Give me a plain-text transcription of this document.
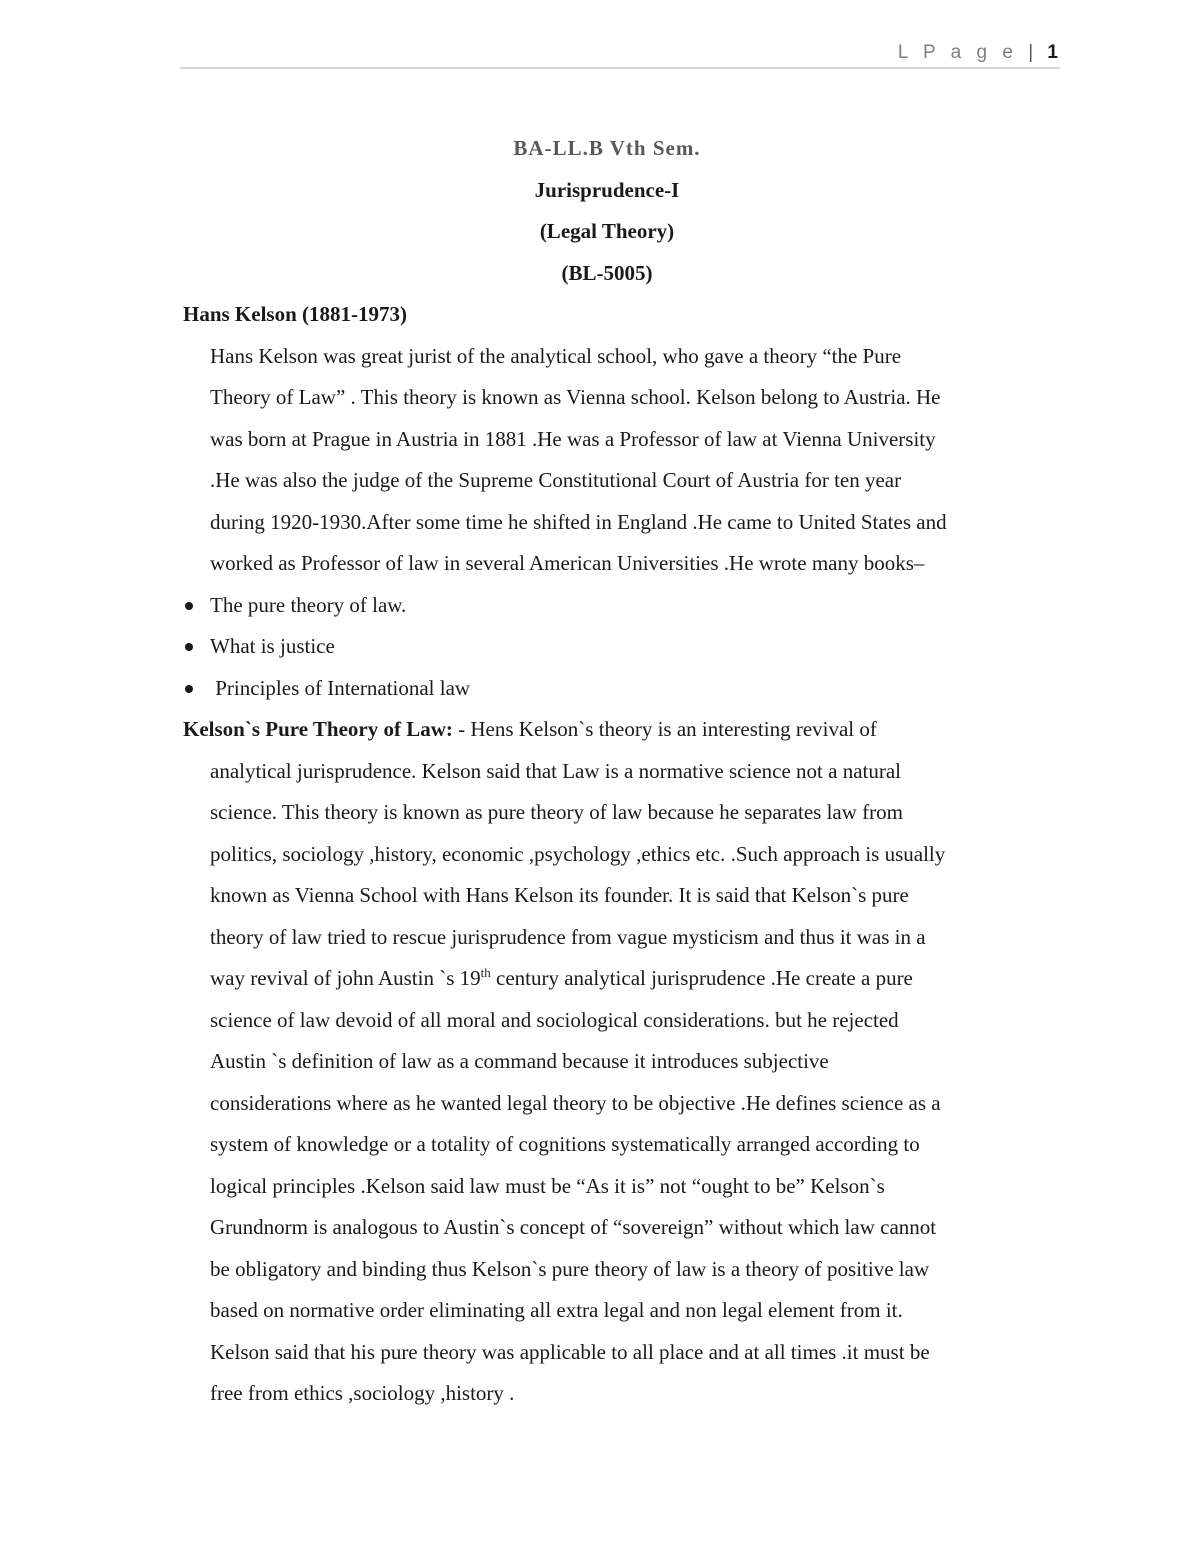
L P a g e | 1
BA-LL.B Vth Sem.
Jurisprudence-I
(Legal Theory)
(BL-5005)
Hans Kelson (1881-1973)
Hans Kelson was great jurist of the analytical school, who gave a theory “the Pure
Theory of Law” . This theory is known as Vienna school. Kelson belong to Austria. He
was born at Prague in Austria in 1881 .He was a Professor of law at Vienna University
.He was also the judge of the Supreme Constitutional Court of Austria for ten year
during 1920-1930.After some time he shifted in England .He came to United States and
worked as Professor of law in several American Universities .He wrote many books–
The pure theory of law.
What is justice
Principles of International law
Kelson`s Pure Theory of Law: - Hens Kelson`s theory is an interesting revival of
analytical jurisprudence. Kelson said that Law is a normative science not a natural
science. This theory is known as pure theory of law because he separates law from
politics, sociology ,history, economic ,psychology ,ethics etc. .Such approach is usually
known as Vienna School with Hans Kelson its founder. It is said that Kelson`s pure
theory of law tried to rescue jurisprudence from vague mysticism and thus it was in a
way revival of john Austin `s 19th century analytical jurisprudence .He create a pure
science of law devoid of all moral and sociological considerations. but he rejected
Austin `s definition of law as a command because it introduces subjective
considerations where as he wanted legal theory to be objective .He defines science as a
system of knowledge or a totality of cognitions systematically arranged according to
logical principles .Kelson said law must be “As it is” not “ought to be” Kelson`s
Grundnorm is analogous to Austin`s concept of “sovereign” without which law cannot
be obligatory and binding thus Kelson`s pure theory of law is a theory of positive law
based on normative order eliminating all extra legal and non legal element from it.
Kelson said that his pure theory was applicable to all place and at all times .it must be
free from ethics ,sociology ,history .
